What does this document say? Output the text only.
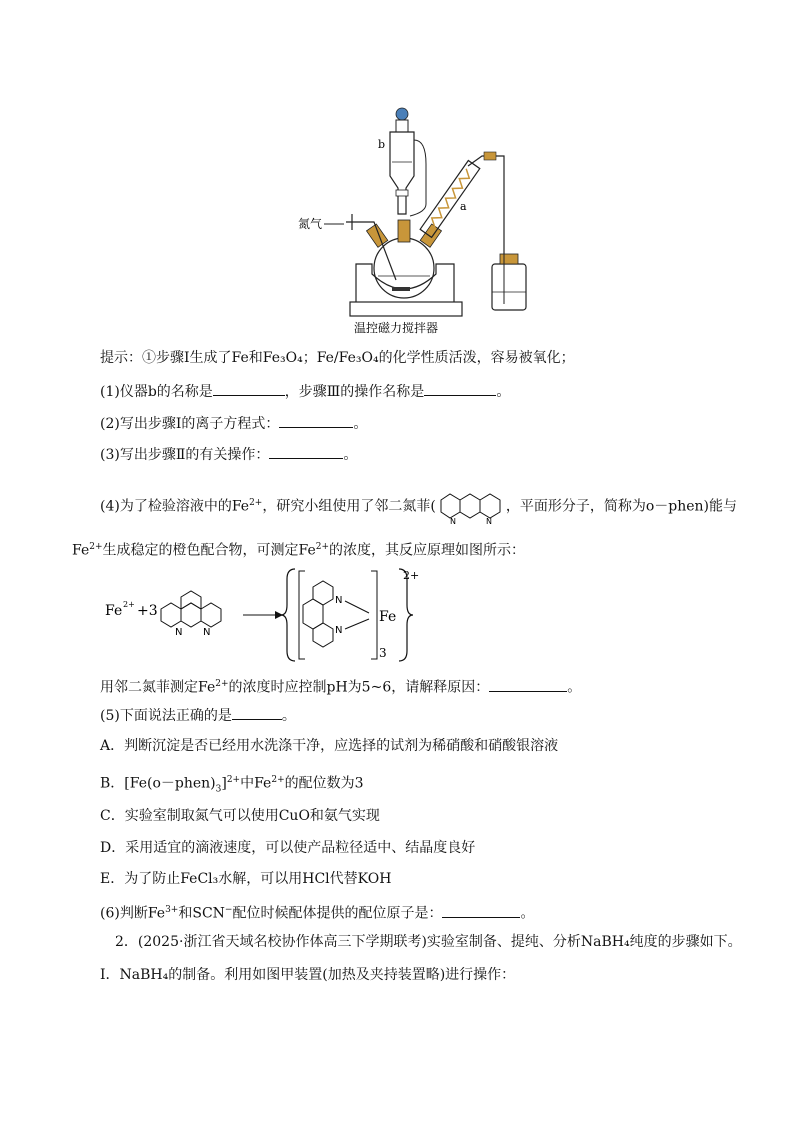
b
a
氮气
温控磁力搅拌器
提示：①步骤Ⅰ生成了Fe和Fe₃O₄；Fe/Fe₃O₄的化学性质活泼，容易被氧化；
(1)仪器b的名称是	，步骤Ⅲ的操作名称是	。
(2)写出步骤Ⅰ的离子方程式：	。
(3)写出步骤Ⅱ的有关操作：	。
(4)为了检验溶液中的$Fe^{2+}$，研究小组使用了邻二氮菲(
N	N
，平面形分子，简称为o－phen)能与
$Fe^{2+}$生成稳定的橙色配合物，可测定$Fe^{2+}$的浓度，其反应原理如图所示：
Fe 2+ +3
N N
N
N
Fe
3
2+
用邻二氮菲测定$Fe^{2+}$的浓度时应控制pH为5~6，请解释原因：	。
(5)下面说法正确的是	。
A．判断沉淀是否已经用水洗涤干净，应选择的试剂为稀硝酸和硝酸银溶液
B．$[Fe(o-phen)_3]^{2+}$中$Fe^{2+}$的配位数为3
C．实验室制取氮气可以使用CuO和氨气实现
D．采用适宜的滴液速度，可以使产品粒径适中、结晶度良好
E．为了防止FeCl₃水解，可以用HCl代替KOH
(6)判断$Fe^{3+}$和SCN−配位时候配体提供的配位原子是：	。
2．(2025·浙江省天域名校协作体高三下学期联考)实验室制备、提纯、分析NaBH₄纯度的步骤如下。
Ⅰ．NaBH₄的制备。利用如图甲装置(加热及夹持装置略)进行操作：
